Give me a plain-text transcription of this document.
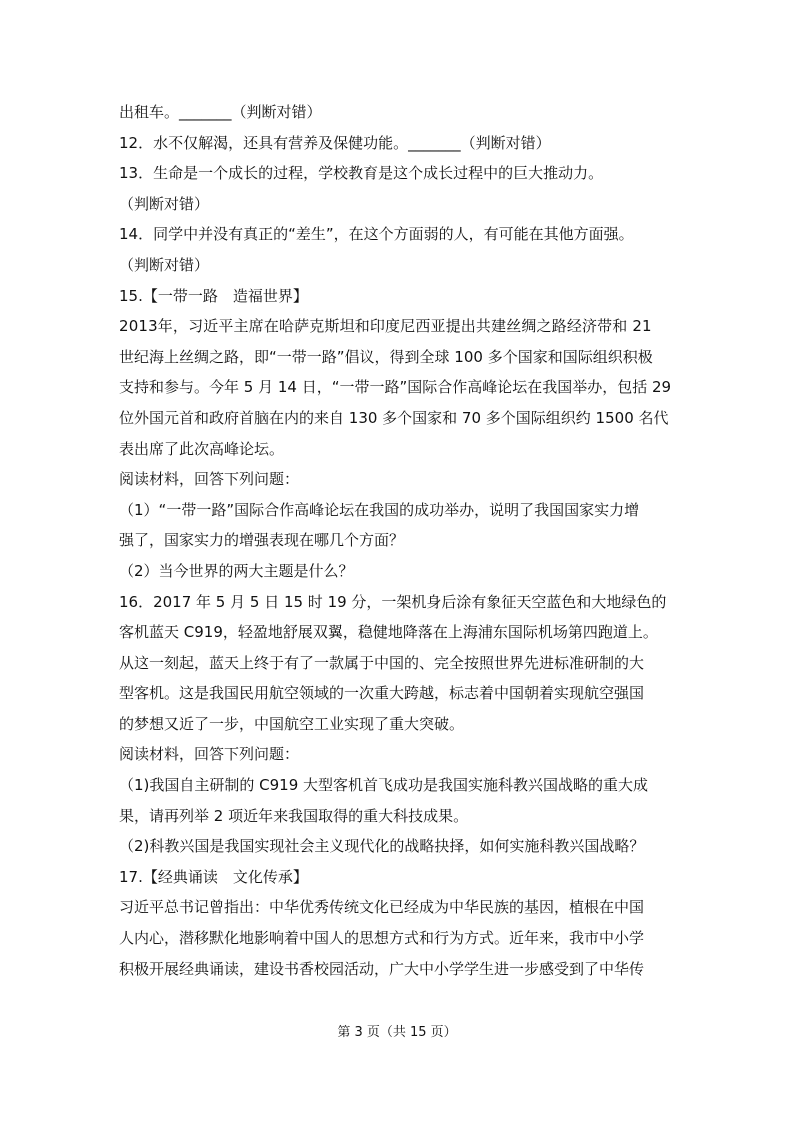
出租车。_______（判断对错）
12．水不仅解渴，还具有营养及保健功能。_______（判断对错）
13．生命是一个成长的过程，学校教育是这个成长过程中的巨大推动力。
（判断对错）
14．同学中并没有真正的“差生”，在这个方面弱的人，有可能在其他方面强。
（判断对错）
15.【一带一路　造福世界】
2013年，习近平主席在哈萨克斯坦和印度尼西亚提出共建丝绸之路经济带和 21
世纪海上丝绸之路，即“一带一路”倡议，得到全球 100 多个国家和国际组织积极
支持和参与。今年 5 月 14 日，“一带一路”国际合作高峰论坛在我国举办，包括 29
位外国元首和政府首脑在内的来自 130 多个国家和 70 多个国际组织约 1500 名代
表出席了此次高峰论坛。
阅读材料，回答下列问题：
（1）“一带一路”国际合作高峰论坛在我国的成功举办，说明了我国国家实力增
强了，国家实力的增强表现在哪几个方面？
（2）当今世界的两大主题是什么？
16．2017 年 5 月 5 日 15 时 19 分，一架机身后涂有象征天空蓝色和大地绿色的
客机蓝天 C919，轻盈地舒展双翼，稳健地降落在上海浦东国际机场第四跑道上。
从这一刻起，蓝天上终于有了一款属于中国的、完全按照世界先进标准研制的大
型客机。这是我国民用航空领域的一次重大跨越，标志着中国朝着实现航空强国
的梦想又近了一步，中国航空工业实现了重大突破。
阅读材料，回答下列问题：
（1)我国自主研制的 C919 大型客机首飞成功是我国实施科教兴国战略的重大成
果，请再列举 2 项近年来我国取得的重大科技成果。
（2)科教兴国是我国实现社会主义现代化的战略抉择，如何实施科教兴国战略？
17.【经典诵读　文化传承】
习近平总书记曾指出：中华优秀传统文化已经成为中华民族的基因，植根在中国
人内心，潜移默化地影响着中国人的思想方式和行为方式。近年来，我市中小学
积极开展经典诵读，建设书香校园活动，广大中小学学生进一步感受到了中华传
第 3 页（共 15 页）
